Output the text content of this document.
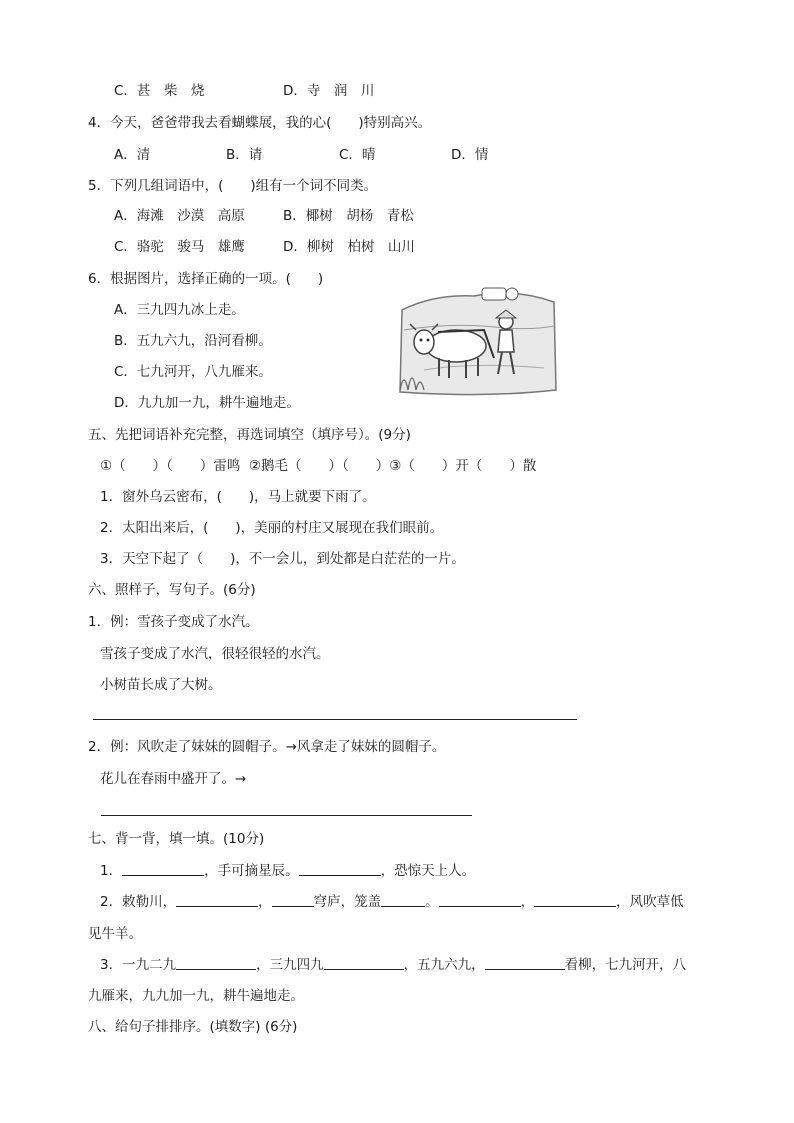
C．甚　柴　烧	D．寺　润　川
4．今天，爸爸带我去看蝴蝶展，我的心(　　)特别高兴。
A．清	B．请	C．晴	D．情
5．下列几组词语中，(　　)组有一个词不同类。
A．海滩　沙漠　高原	B．椰树　胡杨　青松
C．骆驼　骏马　雄鹰	D．柳树　柏树　山川
6．根据图片，选择正确的一项。(　　)
A．三九四九冰上走。
B．五九六九，沿河看柳。
C．七九河开，八九雁来。
D．九九加一九，耕牛遍地走。
五、先把词语补充完整，再选词填空（填序号）。(9分)
①（　　）（　　）雷鸣  ②鹅毛（　　）（　　）③（　　）开（　　）散
1．窗外乌云密布，(　　)，马上就要下雨了。
2．太阳出来后，(　　)，美丽的村庄又展现在我们眼前。
3．天空下起了（　　)，不一会儿，到处都是白茫茫的一片。
六、照样子，写句子。(6分)
1．例：雪孩子变成了水汽。
雪孩子变成了水汽，很轻很轻的水汽。
小树苗长成了大树。
2．例：风吹走了妹妹的圆帽子。→风拿走了妹妹的圆帽子。
花儿在春雨中盛开了。→
七、背一背，填一填。(10分)
1．	，手可摘星辰。	，恐惊天上人。
2．敕勒川，	，	穹庐，笼盖	。	，	，风吹草低
见牛羊。
3．一九二九	，三九四九	，五九六九，	看柳，七九河开，八
九雁来，九九加一九，耕牛遍地走。
八、给句子排排序。(填数字) (6分)
